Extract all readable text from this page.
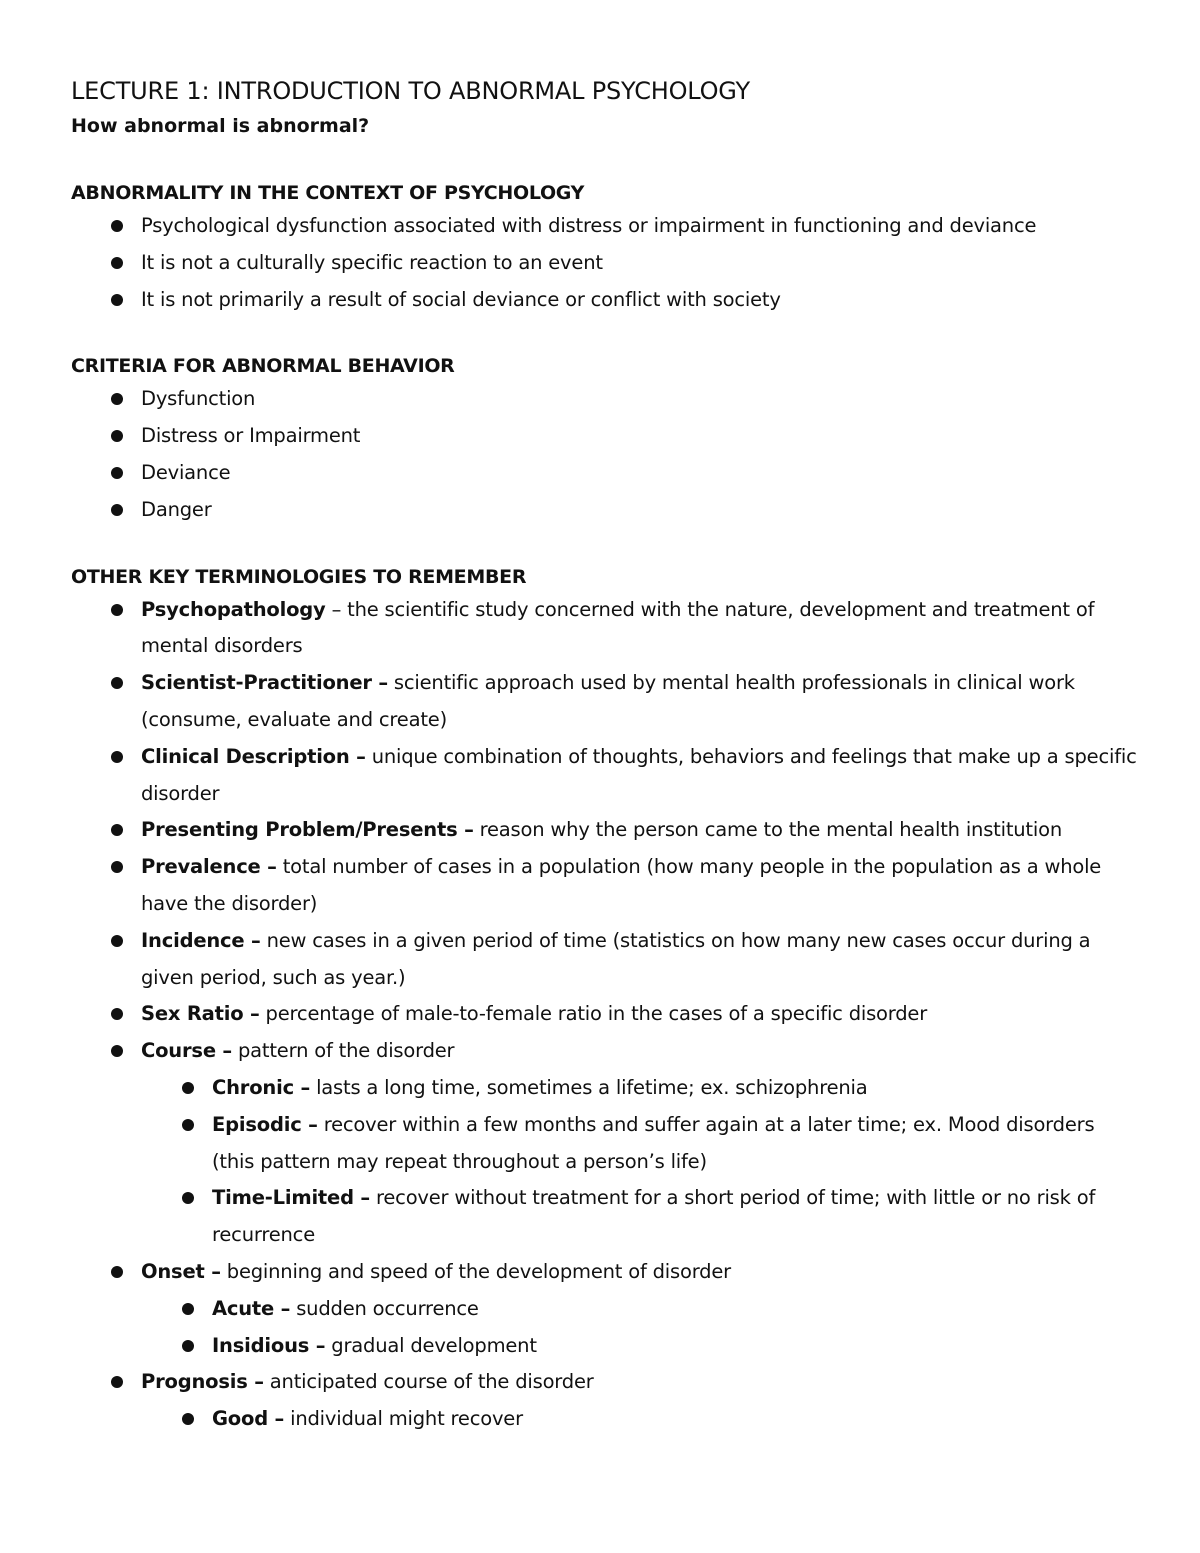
LECTURE 1: INTRODUCTION TO ABNORMAL PSYCHOLOGY
How abnormal is abnormal?
ABNORMALITY IN THE CONTEXT OF PSYCHOLOGY
Psychological dysfunction associated with distress or impairment in functioning and deviance
It is not a culturally specific reaction to an event
It is not primarily a result of social deviance or conflict with society
CRITERIA FOR ABNORMAL BEHAVIOR
Dysfunction
Distress or Impairment
Deviance
Danger
OTHER KEY TERMINOLOGIES TO REMEMBER
Psychopathology – the scientific study concerned with the nature, development and treatment of mental disorders
Scientist-Practitioner – scientific approach used by mental health professionals in clinical work (consume, evaluate and create)
Clinical Description – unique combination of thoughts, behaviors and feelings that make up a specific disorder
Presenting Problem/Presents – reason why the person came to the mental health institution
Prevalence – total number of cases in a population (how many people in the population as a whole have the disorder)
Incidence – new cases in a given period of time (statistics on how many new cases occur during a given period, such as year.)
Sex Ratio – percentage of male-to-female ratio in the cases of a specific disorder
Course – pattern of the disorder
Chronic – lasts a long time, sometimes a lifetime; ex. schizophrenia
Episodic – recover within a few months and suffer again at a later time; ex. Mood disorders (this pattern may repeat throughout a person’s life)
Time-Limited – recover without treatment for a short period of time; with little or no risk of recurrence
Onset – beginning and speed of the development of disorder
Acute – sudden occurrence
Insidious – gradual development
Prognosis – anticipated course of the disorder
Good – individual might recover
